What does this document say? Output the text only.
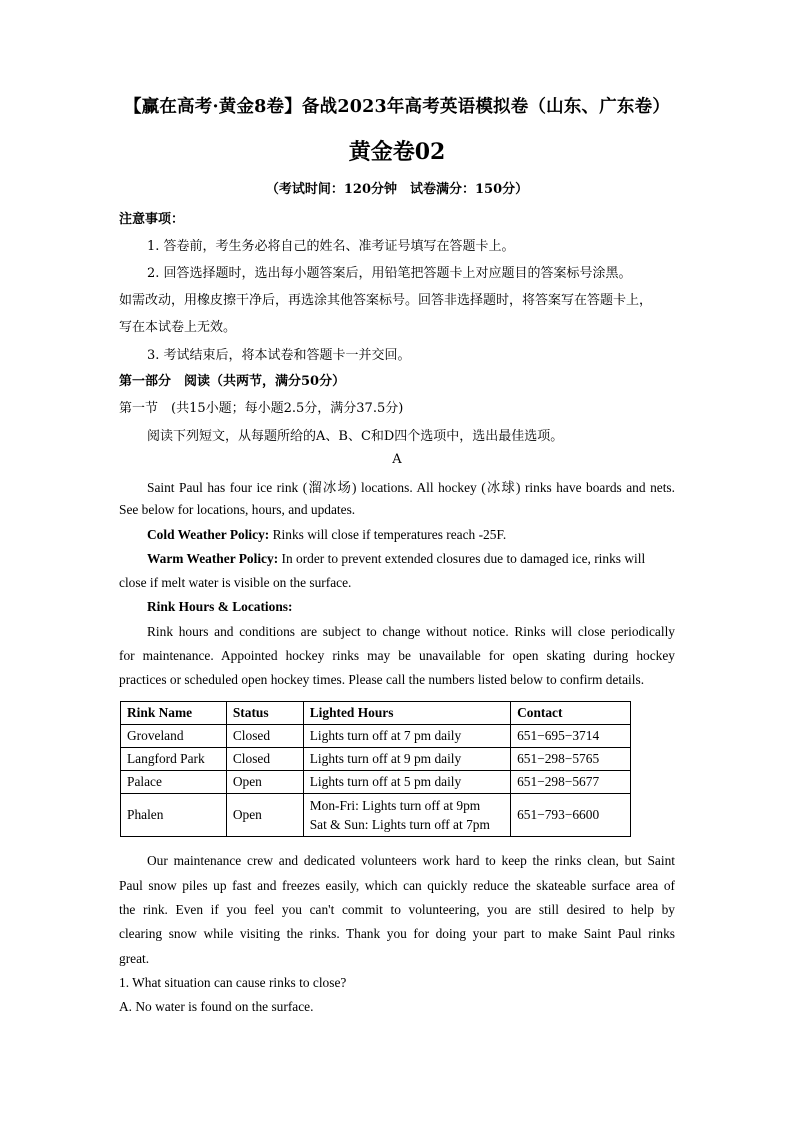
【赢在高考·黄金8卷】备战2023年高考英语模拟卷（山东、广东卷）
黄金卷02
（考试时间：120分钟　试卷满分：150分）
注意事项：
1. 答卷前，考生务必将自己的姓名、准考证号填写在答题卡上。
2. 回答选择题时，选出每小题答案后，用铅笔把答题卡上对应题目的答案标号涂黑。
如需改动，用橡皮擦干净后，再选涂其他答案标号。回答非选择题时，将答案写在答题卡上，
写在本试卷上无效。
3. 考试结束后，将本试卷和答题卡一并交回。
第一部分　阅读（共两节，满分50分）
第一节　(共15小题；每小题2.5分，满分37.5分)
阅读下列短文，从每题所给的A、B、C和D四个选项中，选出最佳选项。
A
Saint Paul has four ice rink (溜冰场) locations. All hockey (冰球) rinks have boards and nets.
See below for locations, hours, and updates.
Cold Weather Policy: Rinks will close if temperatures reach -25F.
Warm Weather Policy: In order to prevent extended closures due to damaged ice, rinks will
close if melt water is visible on the surface.
Rink Hours & Locations:
Rink hours and conditions are subject to change without notice. Rinks will close periodically
for maintenance. Appointed hockey rinks may be unavailable for open skating during hockey
practices or scheduled open hockey times. Please call the numbers listed below to confirm details.
Rink Name	Status	Lighted Hours	Contact
Groveland	Closed	Lights turn off at 7 pm daily	651−695−3714
Langford Park	Closed	Lights turn off at 9 pm daily	651−298−5765
Palace	Open	Lights turn off at 5 pm daily	651−298−5677
Phalen	Open	Mon-Fri: Lights turn off at 9pm
Sat & Sun: Lights turn off at 7pm	651−793−6600
Our maintenance crew and dedicated volunteers work hard to keep the rinks clean, but Saint
Paul snow piles up fast and freezes easily, which can quickly reduce the skateable surface area of
the rink. Even if you feel you can't commit to volunteering, you are still desired to help by
clearing snow while visiting the rinks. Thank you for doing your part to make Saint Paul rinks
great.
1. What situation can cause rinks to close?
A. No water is found on the surface.
